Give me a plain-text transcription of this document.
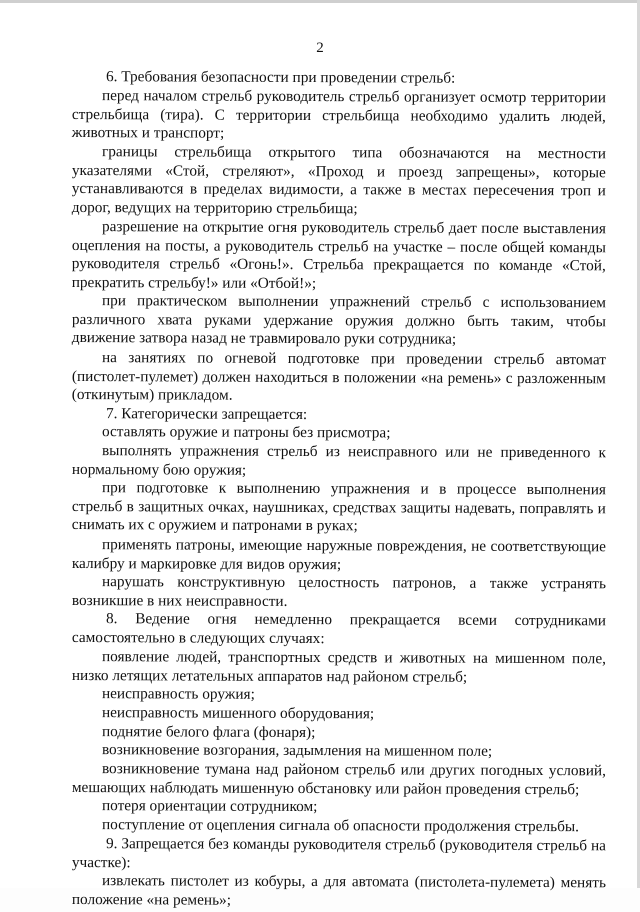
2

6. Требования безопасности при проведении стрельб:

перед началом стрельб руководитель стрельб организует осмотр территории стрельбища (тира). С территории стрельбища необходимо удалить людей, животных и транспорт;

границы стрельбища открытого типа обозначаются на местности указателями «Стой, стреляют», «Проход и проезд запрещены», которые устанавливаются в пределах видимости, а также в местах пересечения троп и дорог, ведущих на территорию стрельбища;

разрешение на открытие огня руководитель стрельб дает после выставления оцепления на посты, а руководитель стрельб на участке – после общей команды руководителя стрельб «Огонь!». Стрельба прекращается по команде «Стой, прекратить стрельбу!» или «Отбой!»;

при практическом выполнении упражнений стрельб с использованием различного хвата руками удержание оружия должно быть таким, чтобы движение затвора назад не травмировало руки сотрудника;

на занятиях по огневой подготовке при проведении стрельб автомат (пистолет-пулемет) должен находиться в положении «на ремень» с разложенным (откинутым) прикладом.

7. Категорически запрещается:

оставлять оружие и патроны без присмотра;

выполнять упражнения стрельб из неисправного или не приведенного к нормальному бою оружия;

при подготовке к выполнению упражнения и в процессе выполнения стрельб в защитных очках, наушниках, средствах защиты надевать, поправлять и снимать их с оружием и патронами в руках;

применять патроны, имеющие наружные повреждения, не соответствующие калибру и маркировке для видов оружия;

нарушать конструктивную целостность патронов, а также устранять возникшие в них неисправности.

8. Ведение огня немедленно прекращается всеми сотрудниками самостоятельно в следующих случаях:

появление людей, транспортных средств и животных на мишенном поле, низко летящих летательных аппаратов над районом стрельб;

неисправность оружия;

неисправность мишенного оборудования;

поднятие белого флага (фонаря);

возникновение возгорания, задымления на мишенном поле;

возникновение тумана над районом стрельб или других погодных условий, мешающих наблюдать мишенную обстановку или район проведения стрельб;

потеря ориентации сотрудником;

поступление от оцепления сигнала об опасности продолжения стрельбы.

9. Запрещается без команды руководителя стрельб (руководителя стрельб на участке):

извлекать пистолет из кобуры, а для автомата (пистолета-пулемета) менять положение «на ремень»;
